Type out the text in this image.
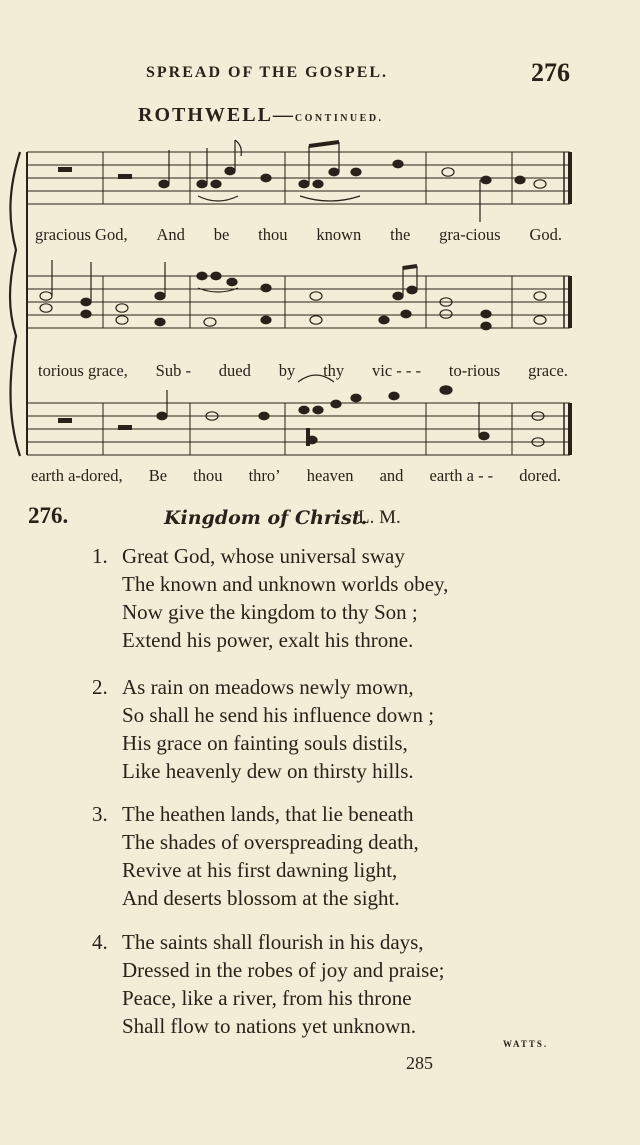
SPREAD OF THE GOSPEL.	276
ROTHWELL—CONTINUED.
gracious God, And be thou known the gra-cious God.
torious grace, Sub - dued by thy vic - - - to-rious grace.
earth a-dored, Be thou thro’ heaven and earth a - - dored.
276.	Kingdom of Christ.
L. M.
1. Great God, whose universal sway
The known and unknown worlds obey,
Now give the kingdom to thy Son ;
Extend his power, exalt his throne.
2. As rain on meadows newly mown,
So shall he send his influence down ;
His grace on fainting souls distils,
Like heavenly dew on thirsty hills.
3. The heathen lands, that lie beneath
The shades of overspreading death,
Revive at his first dawning light,
And deserts blossom at the sight.
4. The saints shall flourish in his days,
Dressed in the robes of joy and praise;
Peace, like a river, from his throne
Shall flow to nations yet unknown.
WATTS.
285
